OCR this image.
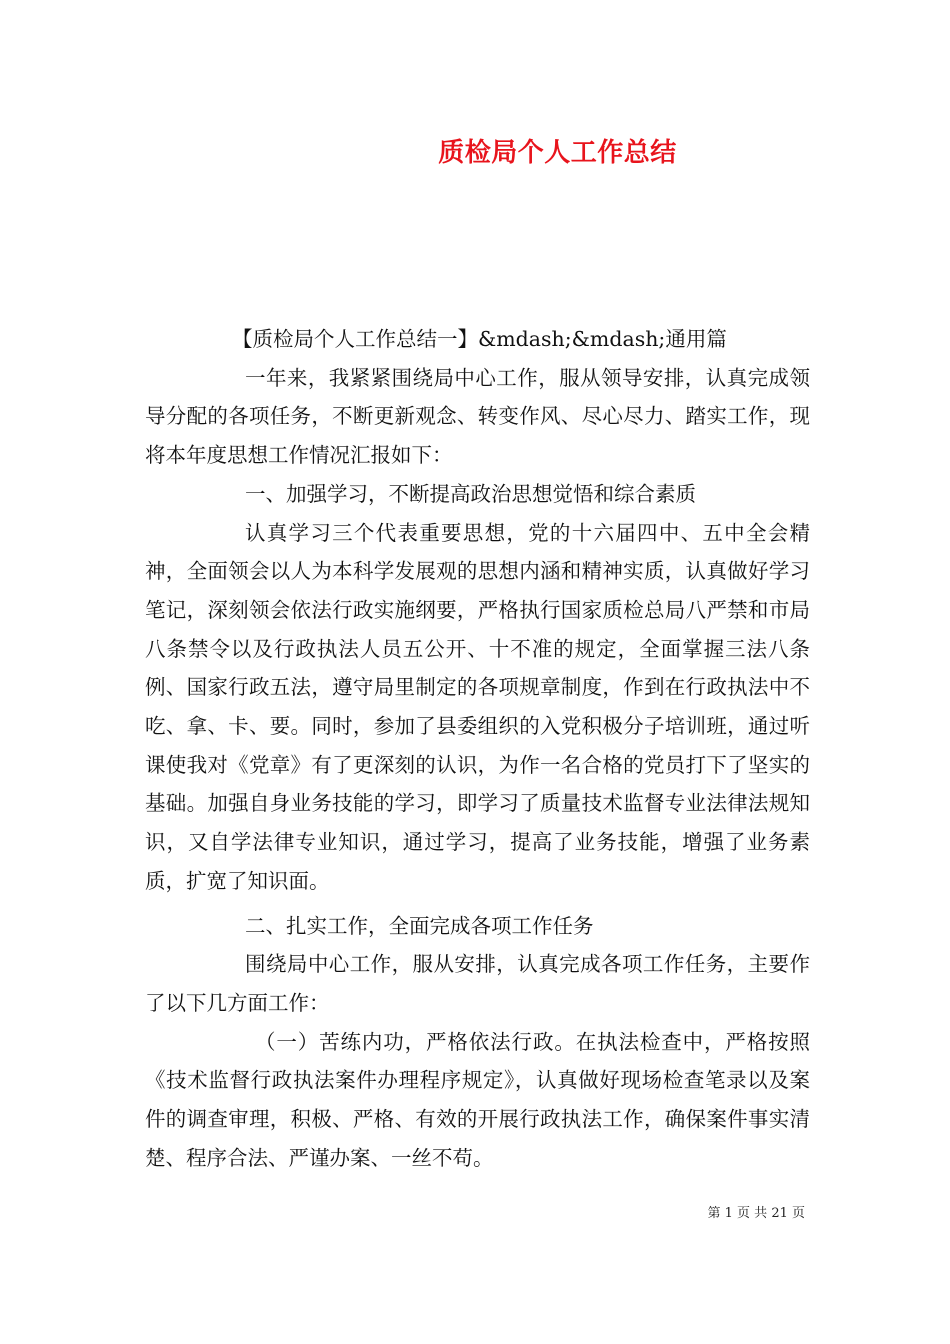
质检局个人工作总结

【质检局个人工作总结一】&mdash;&mdash;通用篇

一年来，我紧紧围绕局中心工作，服从领导安排，认真完成领导分配的各项任务，不断更新观念、转变作风、尽心尽力、踏实工作，现将本年度思想工作情况汇报如下：

一、加强学习，不断提高政治思想觉悟和综合素质

认真学习三个代表重要思想，党的十六届四中、五中全会精神，全面领会以人为本科学发展观的思想内涵和精神实质，认真做好学习笔记，深刻领会依法行政实施纲要，严格执行国家质检总局八严禁和市局八条禁令以及行政执法人员五公开、十不准的规定，全面掌握三法八条例、国家行政五法，遵守局里制定的各项规章制度，作到在行政执法中不吃、拿、卡、要。同时，参加了县委组织的入党积极分子培训班，通过听课使我对《党章》有了更深刻的认识，为作一名合格的党员打下了坚实的基础。加强自身业务技能的学习，即学习了质量技术监督专业法律法规知识，又自学法律专业知识，通过学习，提高了业务技能，增强了业务素质，扩宽了知识面。

二、扎实工作，全面完成各项工作任务

围绕局中心工作，服从安排，认真完成各项工作任务，主要作了以下几方面工作：

（一）苦练内功，严格依法行政。在执法检查中，严格按照《技术监督行政执法案件办理程序规定》，认真做好现场检查笔录以及案件的调查审理，积极、严格、有效的开展行政执法工作，确保案件事实清楚、程序合法、严谨办案、一丝不苟。

第 1 页 共 21 页
